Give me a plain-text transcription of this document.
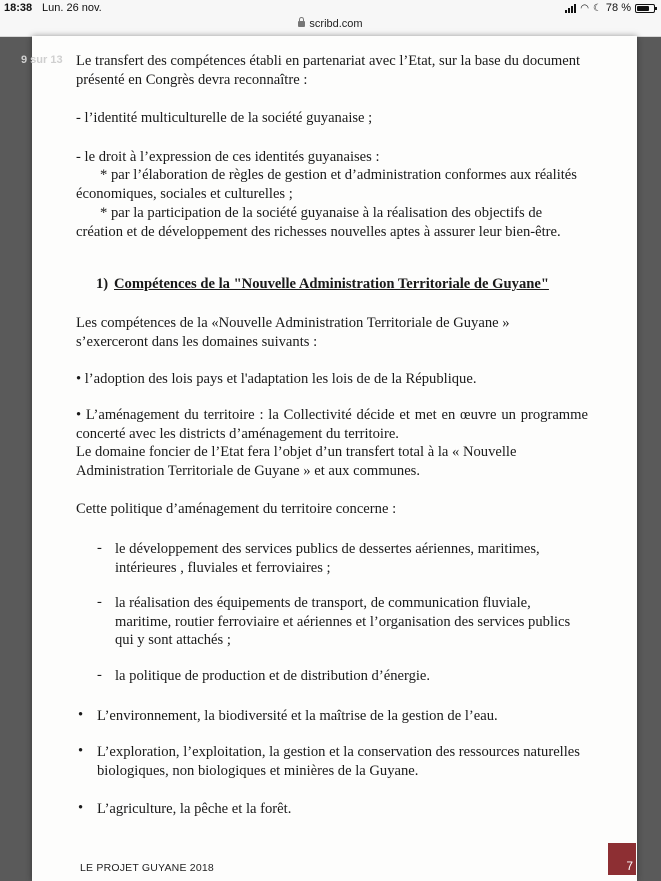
18:38 Lun. 26 nov.	◠ ☾ 78 %
scribd.com
9 sur 13 Le transfert des compétences établi en partenariat avec l’Etat, sur la base du document présenté en Congrès devra reconnaître :
- l’identité multiculturelle de la société guyanaise ;
- le droit à l’expression de ces identités guyanaises :
* par l’élaboration de règles de gestion et d’administration conformes aux réalités économiques, sociales et culturelles ;
* par la participation de la société guyanaise à la réalisation des objectifs de création et de développement des richesses nouvelles aptes à assurer leur bien-être.
1) Compétences de la "Nouvelle Administration Territoriale de Guyane"
Les compétences de la «Nouvelle Administration Territoriale de Guyane » s’exerceront dans les domaines suivants :
• l’adoption des lois pays et l'adaptation les lois de de la République.
• L’aménagement du territoire : la Collectivité décide et met en œuvre un programme concerté avec les districts d’aménagement du territoire.
Le domaine foncier de l’Etat fera l’objet d’un transfert total à la « Nouvelle Administration Territoriale de Guyane » et aux communes.
Cette politique d’aménagement du territoire concerne :
- le développement des services publics de dessertes aériennes, maritimes, intérieures , fluviales et ferroviaires ;
- la réalisation des équipements de transport, de communication fluviale, maritime, routier ferroviaire et aériennes et l’organisation des services publics qui y sont attachés ;
- la politique de production et de distribution d’énergie.
• L’environnement, la biodiversité et la maîtrise de la gestion de l’eau.
• L’exploration, l’exploitation, la gestion et la conservation des ressources naturelles biologiques, non biologiques et minières de la Guyane.
• L’agriculture, la pêche et la forêt.
LE PROJET GUYANE 2018	7
